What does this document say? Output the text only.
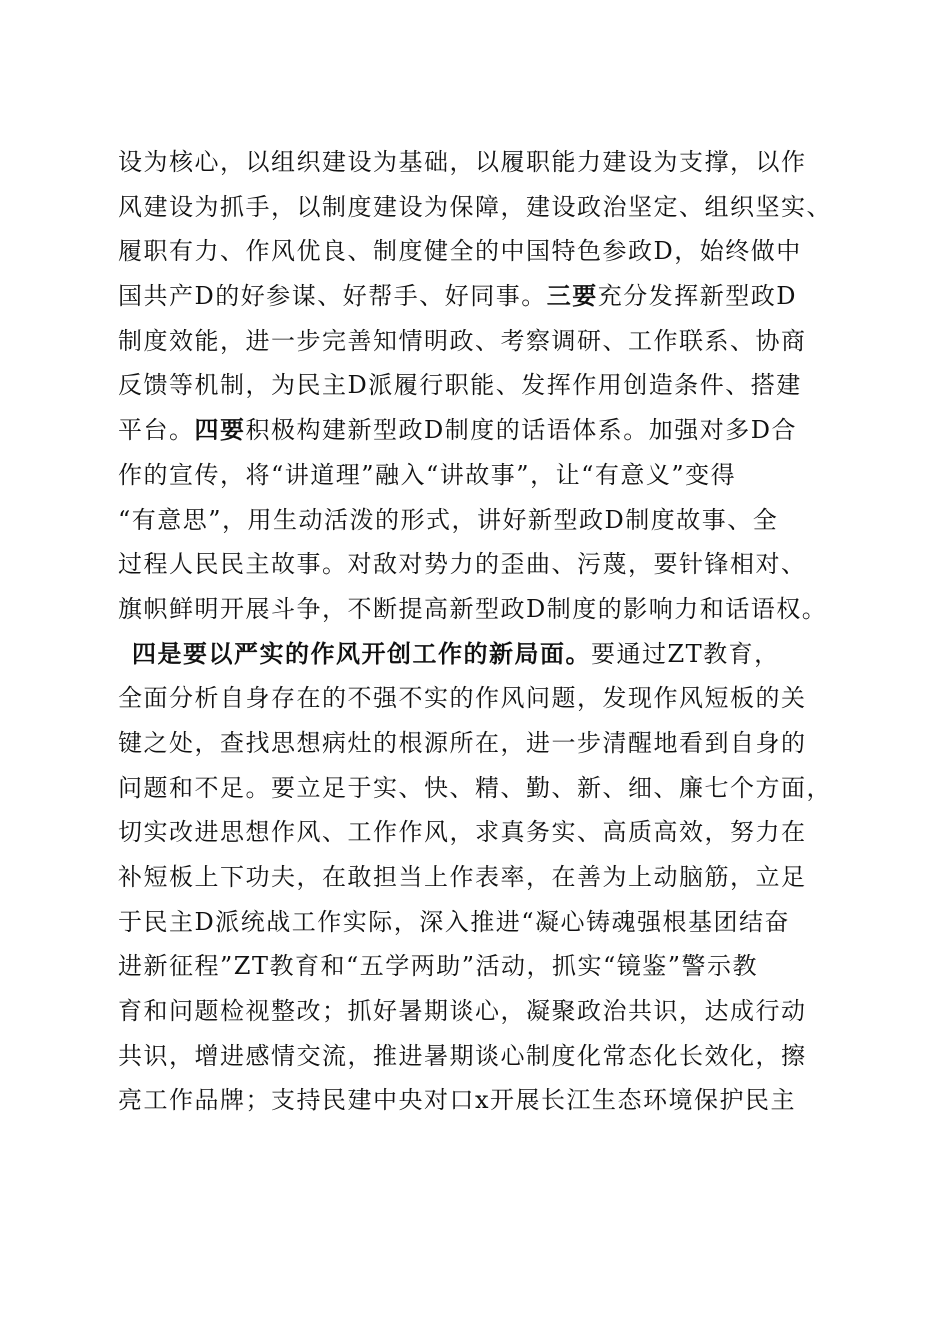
设为核心，以组织建设为基础，以履职能力建设为支撑，以作
风建设为抓手，以制度建设为保障，建设政治坚定、组织坚实、
履职有力、作风优良、制度健全的中国特色参政D，始终做中
国共产D的好参谋、好帮手、好同事。三要充分发挥新型政D
制度效能，进一步完善知情明政、考察调研、工作联系、协商
反馈等机制，为民主D派履行职能、发挥作用创造条件、搭建
平台。四要积极构建新型政D制度的话语体系。加强对多D合
作的宣传，将“讲道理”融入“讲故事”，让“有意义”变得
“有意思”，用生动活泼的形式，讲好新型政D制度故事、全
过程人民民主故事。对敌对势力的歪曲、污蔑，要针锋相对、
旗帜鲜明开展斗争，不断提高新型政D制度的影响力和话语权。
四是要以严实的作风开创工作的新局面。要通过ZT教育，
全面分析自身存在的不强不实的作风问题，发现作风短板的关
键之处，查找思想病灶的根源所在，进一步清醒地看到自身的
问题和不足。要立足于实、快、精、勤、新、细、廉七个方面，
切实改进思想作风、工作作风，求真务实、高质高效，努力在
补短板上下功夫，在敢担当上作表率，在善为上动脑筋，立足
于民主D派统战工作实际，深入推进“凝心铸魂强根基团结奋
进新征程”ZT教育和“五学两助”活动，抓实“镜鉴”警示教
育和问题检视整改；抓好暑期谈心，凝聚政治共识，达成行动
共识，增进感情交流，推进暑期谈心制度化常态化长效化，擦
亮工作品牌；支持民建中央对口x开展长江生态环境保护民主
